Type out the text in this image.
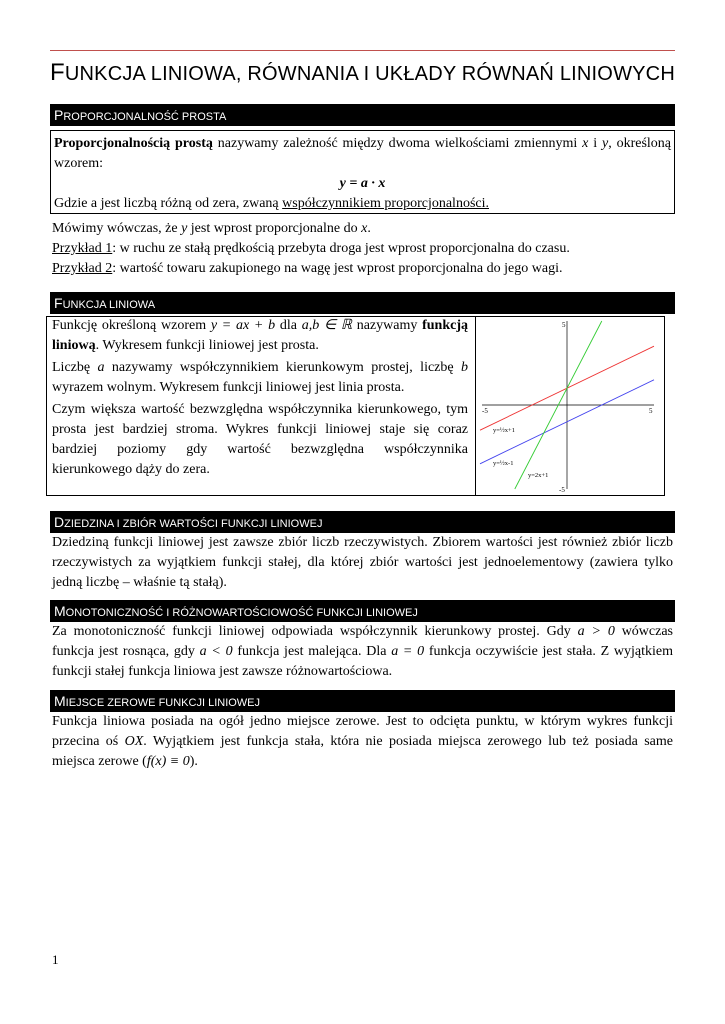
FUNKCJA LINIOWA, RÓWNANIA I UKŁADY RÓWNAŃ LINIOWYCH
PROPORCJONALNOŚĆ PROSTA
Proporcjonalnością prostą nazywamy zależność między dwoma wielkościami zmiennymi x i y, określoną wzorem:
y = a · x
Gdzie a jest liczbą różną od zera, zwaną współczynnikiem proporcjonalności.
Mówimy wówczas, że y jest wprost proporcjonalne do x.
Przykład 1: w ruchu ze stałą prędkością przebyta droga jest wprost proporcjonalna do czasu.
Przykład 2: wartość towaru zakupionego na wagę jest wprost proporcjonalna do jego wagi.
FUNKCJA LINIOWA
Funkcję określoną wzorem y = ax + b dla a,b ∈ ℝ nazywamy funkcją liniową. Wykresem funkcji liniowej jest prosta.
Liczbę a nazywamy współczynnikiem kierunkowym prostej, liczbę b wyrazem wolnym. Wykresem funkcji liniowej jest linia prosta.
Czym większa wartość bezwzględna współczynnika kierunkowego, tym prosta jest bardziej stroma. Wykres funkcji liniowej staje się coraz bardziej poziomy gdy wartość bezwzględna współczynnika kierunkowego dąży do zera.
5
-5
-5	5
y=½x+1
y=½x-1
y=2x+1
DZIEDZINA I ZBIÓR WARTOŚCI FUNKCJI LINIOWEJ
Dziedziną funkcji liniowej jest zawsze zbiór liczb rzeczywistych. Zbiorem wartości jest również zbiór liczb rzeczywistych za wyjątkiem funkcji stałej, dla której zbiór wartości jest jednoelementowy (zawiera tylko jedną liczbę – właśnie tą stałą).
MONOTONICZNOŚĆ I RÓŻNOWARTOŚCIOWOŚĆ FUNKCJI LINIOWEJ
Za monotoniczność funkcji liniowej odpowiada współczynnik kierunkowy prostej. Gdy a > 0 wówczas funkcja jest rosnąca, gdy a < 0 funkcja jest malejąca. Dla a = 0 funkcja oczywiście jest stała. Z wyjątkiem funkcji stałej funkcja liniowa jest zawsze różnowartościowa.
MIEJSCE ZEROWE FUNKCJI LINIOWEJ
Funkcja liniowa posiada na ogół jedno miejsce zerowe. Jest to odcięta punktu, w którym wykres funkcji przecina oś OX. Wyjątkiem jest funkcja stała, która nie posiada miejsca zerowego lub też posiada same miejsca zerowe (f(x) ≡ 0).
1
